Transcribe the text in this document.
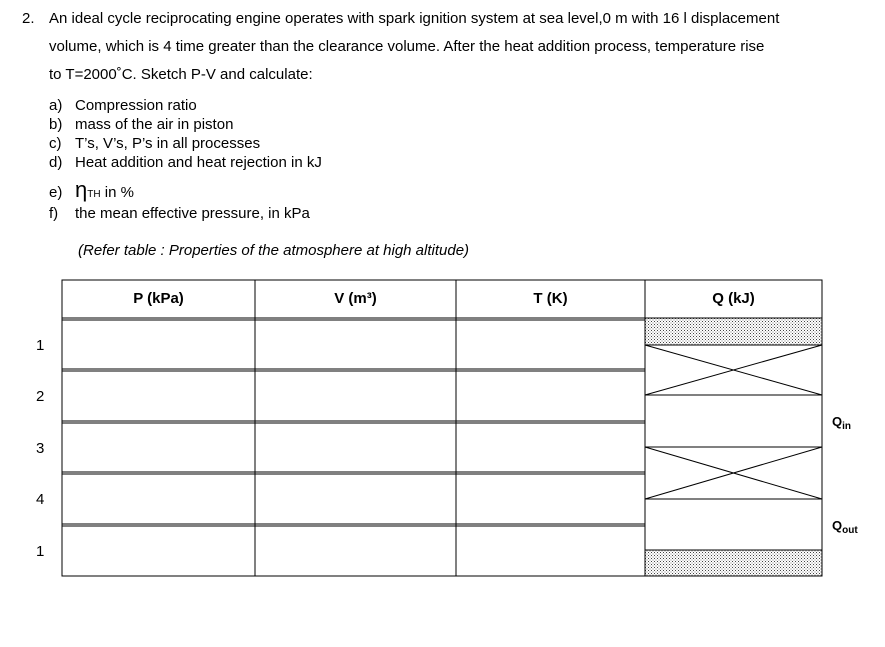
2. An ideal cycle reciprocating engine operates with spark ignition system at sea level,0 m with 16 l displacement
volume, which is 4 time greater than the clearance volume. After the heat addition process, temperature rise
to T=2000˚C. Sketch P-V and calculate:
a) Compression ratio
b) mass of the air in piston
c) T’s, V’s, P’s in all processes
d) Heat addition and heat rejection in kJ
e) ηTH in %
f) the mean effective pressure, in kPa
(Refer table : Properties of the atmosphere at high altitude)
P (kPa)	V (m³)	T (K)	Q (kJ)
1
2
3
4
1
$Q_{in}$
$Q_{out}$
